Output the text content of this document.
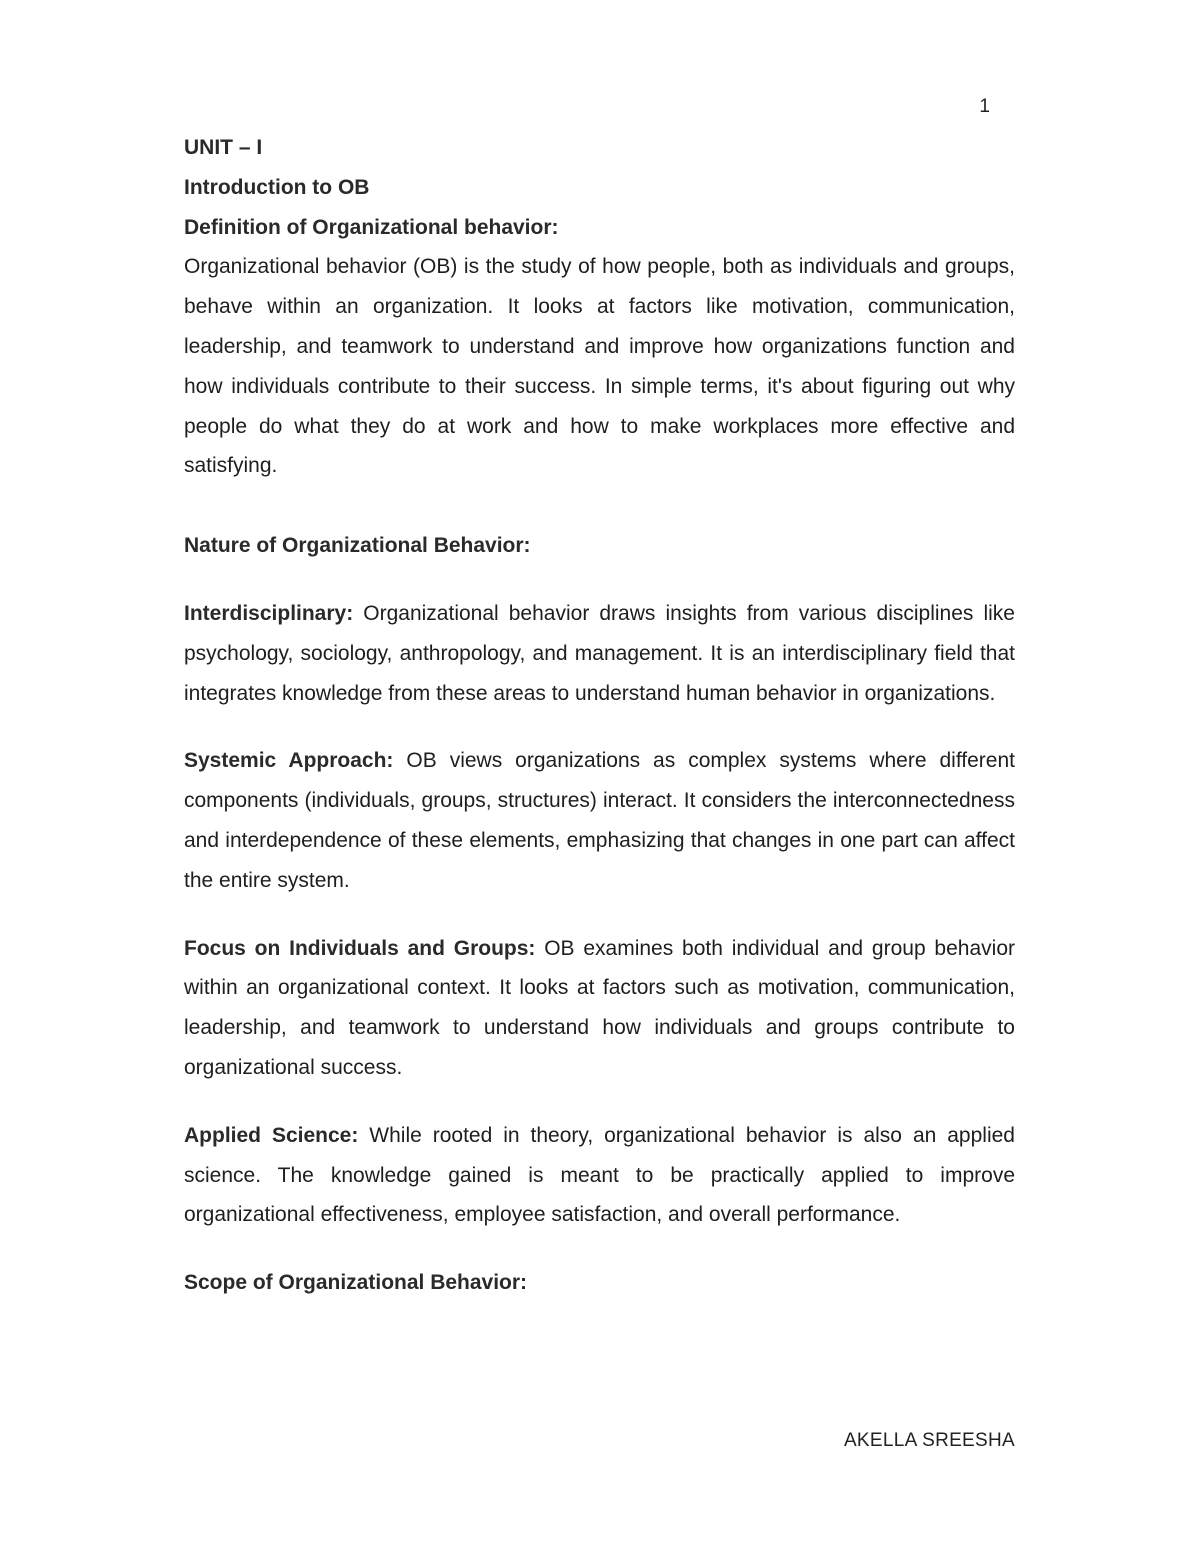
1

UNIT – I

Introduction to OB

Definition of Organizational behavior:

Organizational behavior (OB) is the study of how people, both as individuals and groups, behave within an organization. It looks at factors like motivation, communication, leadership, and teamwork to understand and improve how organizations function and how individuals contribute to their success. In simple terms, it's about figuring out why people do what they do at work and how to make workplaces more effective and satisfying.

Nature of Organizational Behavior:

Interdisciplinary: Organizational behavior draws insights from various disciplines like psychology, sociology, anthropology, and management. It is an interdisciplinary field that integrates knowledge from these areas to understand human behavior in organizations.

Systemic Approach: OB views organizations as complex systems where different components (individuals, groups, structures) interact. It considers the interconnectedness and interdependence of these elements, emphasizing that changes in one part can affect the entire system.

Focus on Individuals and Groups: OB examines both individual and group behavior within an organizational context. It looks at factors such as motivation, communication, leadership, and teamwork to understand how individuals and groups contribute to organizational success.

Applied Science: While rooted in theory, organizational behavior is also an applied science. The knowledge gained is meant to be practically applied to improve organizational effectiveness, employee satisfaction, and overall performance.

Scope of Organizational Behavior:

AKELLA SREESHA
